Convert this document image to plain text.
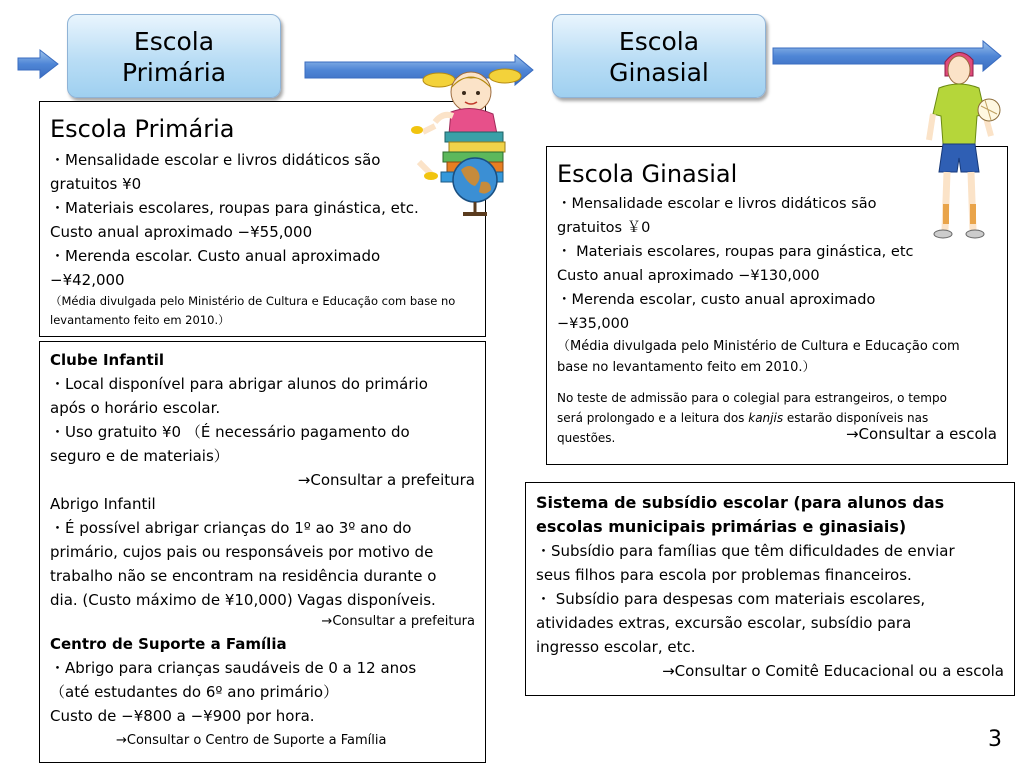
Escola
Primária
Escola
Ginasial
Escola Primária
・Mensalidade escolar e livros didáticos são
gratuitos ¥0
・Materiais escolares, roupas para ginástica, etc.
Custo anual aproximado −¥55,000
・Merenda escolar. Custo anual aproximado
−¥42,000
（Média divulgada pelo Ministério de Cultura e Educação com base no
levantamento feito em 2010.）
Clube Infantil
・Local disponível para abrigar alunos do primário
após o horário escolar.
・Uso gratuito ¥0 （É necessário pagamento do
seguro e de materiais）
→Consultar a prefeitura
Abrigo Infantil
・É possível abrigar crianças do 1º ao 3º ano do
primário, cujos pais ou responsáveis por motivo de
trabalho não se encontram na residência durante o
dia. (Custo máximo de ¥10,000) Vagas disponíveis.
→Consultar a prefeitura
Centro de Suporte a Família
・Abrigo para crianças saudáveis de 0 a 12 anos
（até estudantes do 6º ano primário）
Custo de −¥800 a −¥900 por hora.
→Consultar o Centro de Suporte a Família
Escola Ginasial
・Mensalidade escolar e livros didáticos são
gratuitos ￥0
・ Materiais escolares, roupas para ginástica, etc
Custo anual aproximado −¥130,000
・Merenda escolar, custo anual aproximado
−¥35,000
（Média divulgada pelo Ministério de Cultura e Educação com
base no levantamento feito em 2010.）
No teste de admissão para o colegial para estrangeiros, o tempo
será prolongado e a leitura dos kanjis estarão disponíveis nas
questões.	→Consultar a escola
Sistema de subsídio escolar (para alunos das
escolas municipais primárias e ginasiais)
・Subsídio para famílias que têm dificuldades de enviar
seus filhos para escola por problemas financeiros.
・ Subsídio para despesas com materiais escolares,
atividades extras, excursão escolar, subsídio para
ingresso escolar, etc.
→Consultar o Comitê Educacional ou a escola
3
